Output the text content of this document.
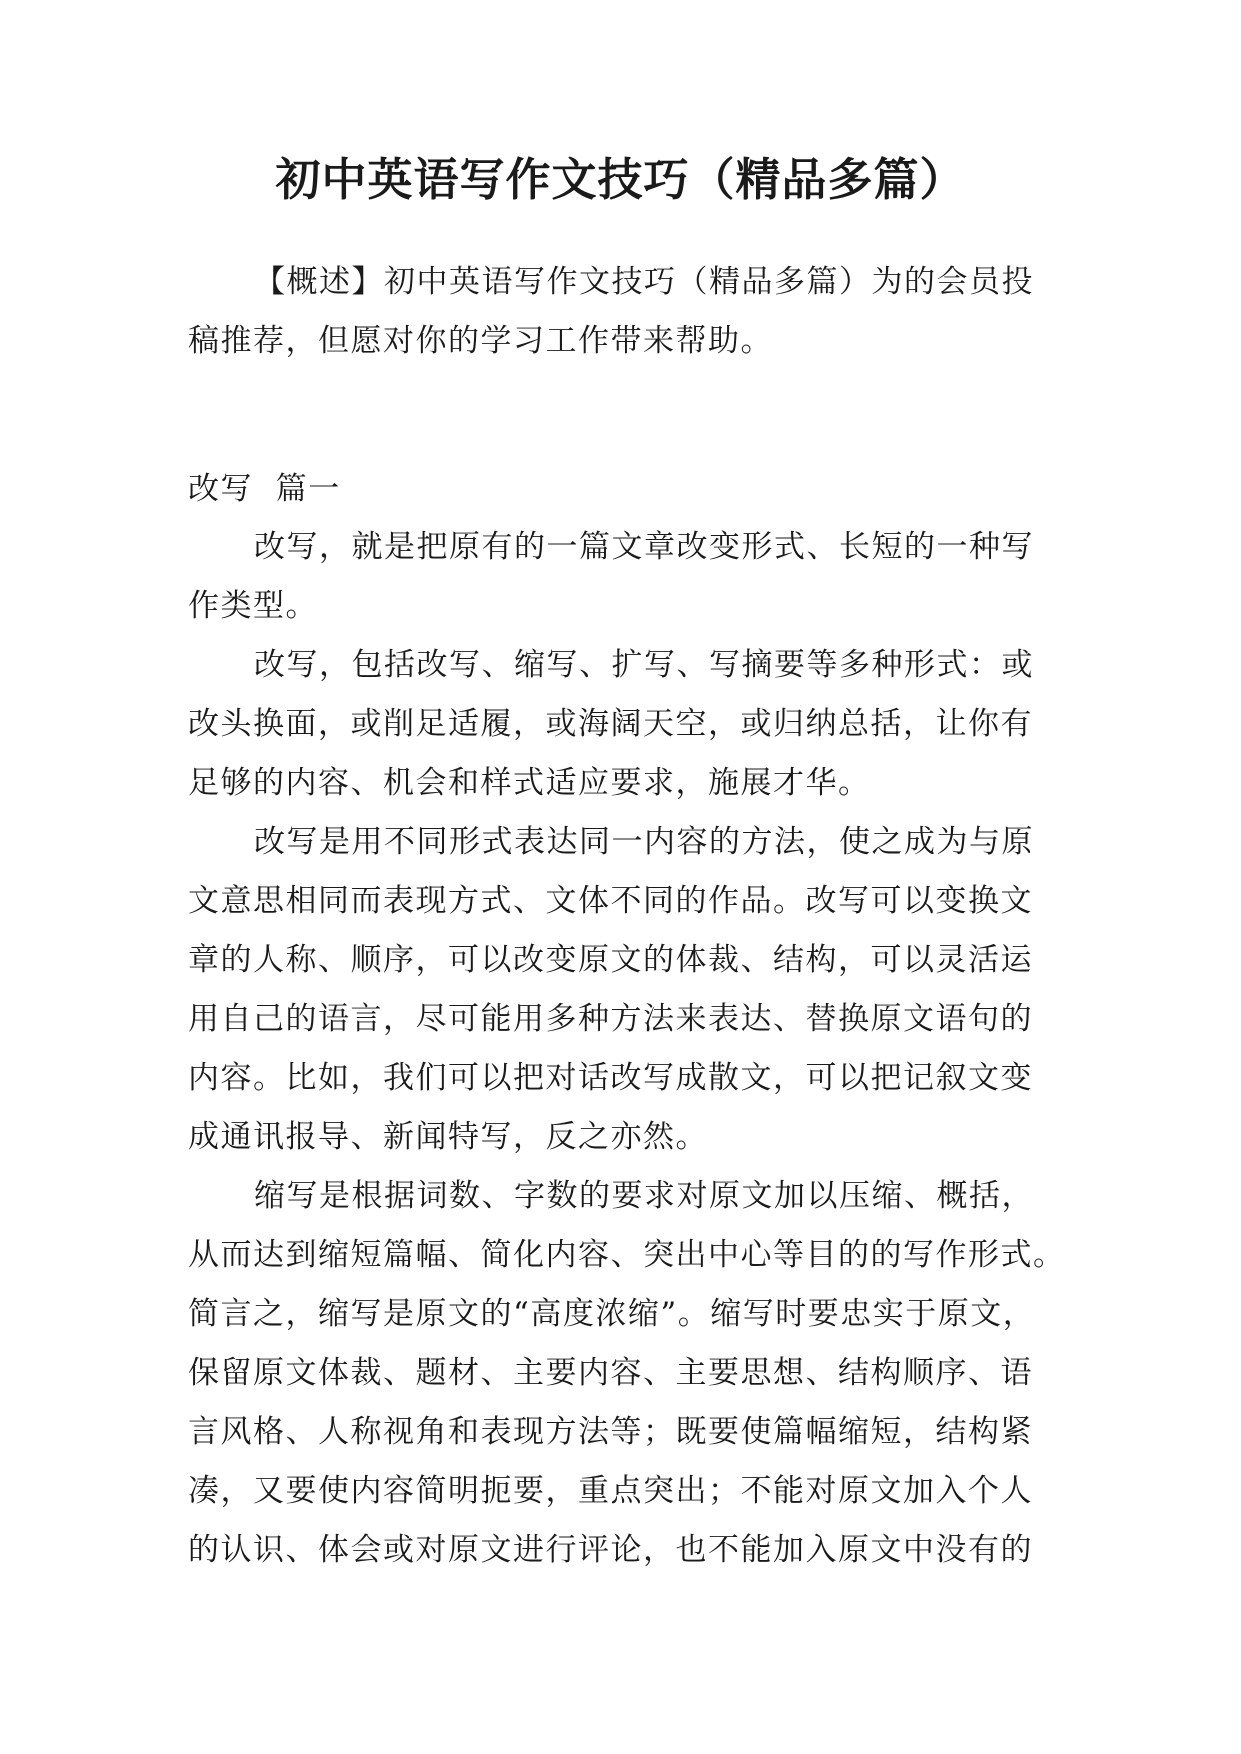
初中英语写作文技巧（精品多篇）
【概述】初中英语写作文技巧（精品多篇）为的会员投
稿推荐，但愿对你的学习工作带来帮助。
改写  篇一
改写，就是把原有的一篇文章改变形式、长短的一种写
作类型。
改写，包括改写、缩写、扩写、写摘要等多种形式：或
改头换面，或削足适履，或海阔天空，或归纳总括，让你有
足够的内容、机会和样式适应要求，施展才华。
改写是用不同形式表达同一内容的方法，使之成为与原
文意思相同而表现方式、文体不同的作品。改写可以变换文
章的人称、顺序，可以改变原文的体裁、结构，可以灵活运
用自己的语言，尽可能用多种方法来表达、替换原文语句的
内容。比如，我们可以把对话改写成散文，可以把记叙文变
成通讯报导、新闻特写，反之亦然。
缩写是根据词数、字数的要求对原文加以压缩、概括，
从而达到缩短篇幅、简化内容、突出中心等目的的写作形式。
简言之，缩写是原文的“高度浓缩”。缩写时要忠实于原文，
保留原文体裁、题材、主要内容、主要思想、结构顺序、语
言风格、人称视角和表现方法等；既要使篇幅缩短，结构紧
凑，又要使内容简明扼要，重点突出；不能对原文加入个人
的认识、体会或对原文进行评论，也不能加入原文中没有的
